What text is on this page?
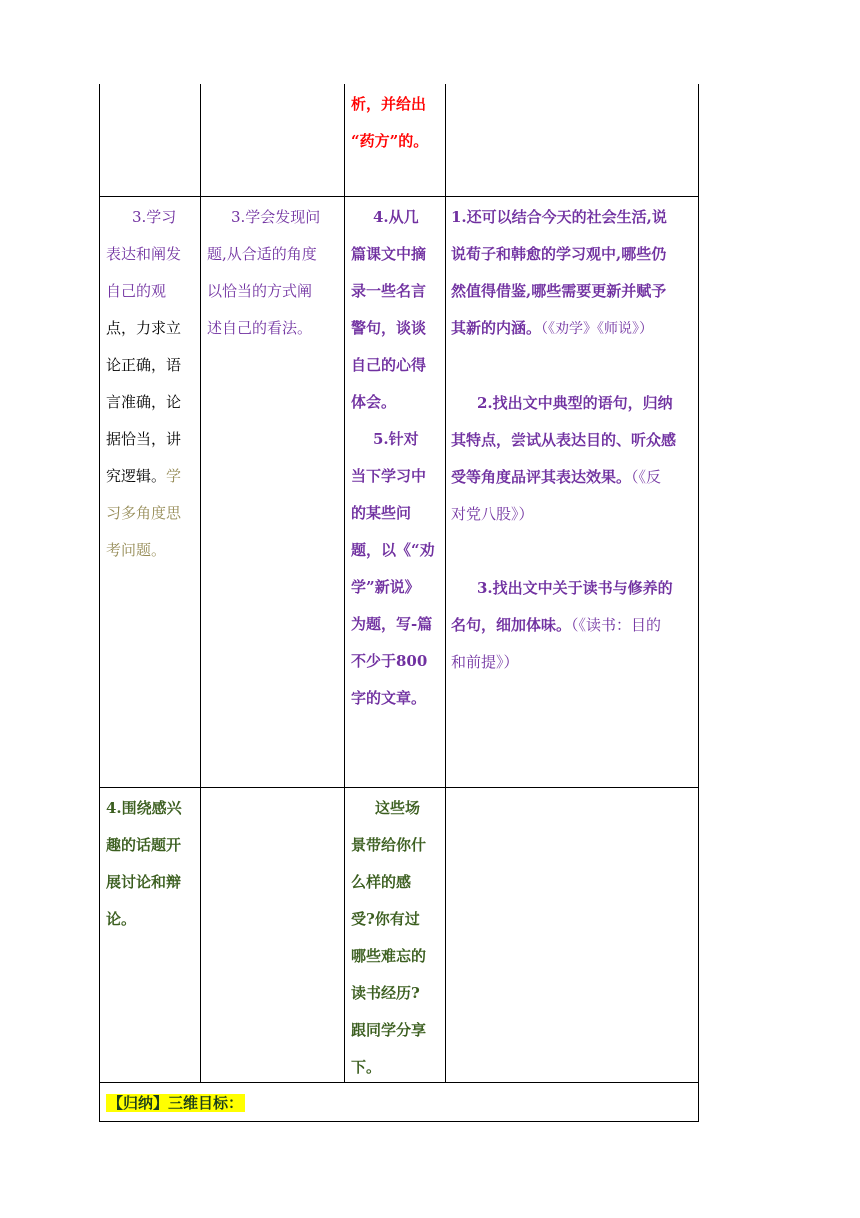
析，并给出

“药方”的。

3.学习

表达和阐发

自己的观

点，力求立

论正确，语

言准确，论

据恰当，讲

究逻辑。学

习多角度思

考问题。

3.学会发现问

题,从合适的角度

以恰当的方式阐

述自己的看法。

4.从几

篇课文中摘

录一些名言

警句，谈谈

自己的心得

体会。

5.针对

当下学习中

的某些问

题，以《“劝

学”新说》

为题，写-篇

不少于800

字的文章。

1.还可以结合今天的社会生活,说

说荀子和韩愈的学习观中,哪些仍

然值得借鉴,哪些需要更新并赋予

其新的内涵。（《劝学》《师说》）

2.找出文中典型的语句，归纳

其特点，尝试从表达目的、听众感

受等角度品评其表达效果。（《反

对党八股》）

3.找出文中关于读书与修养的

名句，细加体味。（《读书：目的

和前提》）

4.围绕感兴

趣的话题开

展讨论和辩

论。

这些场

景带给你什

么样的感

受?你有过

哪些难忘的

读书经历?

跟同学分享

下。

【归纳】三维目标：
